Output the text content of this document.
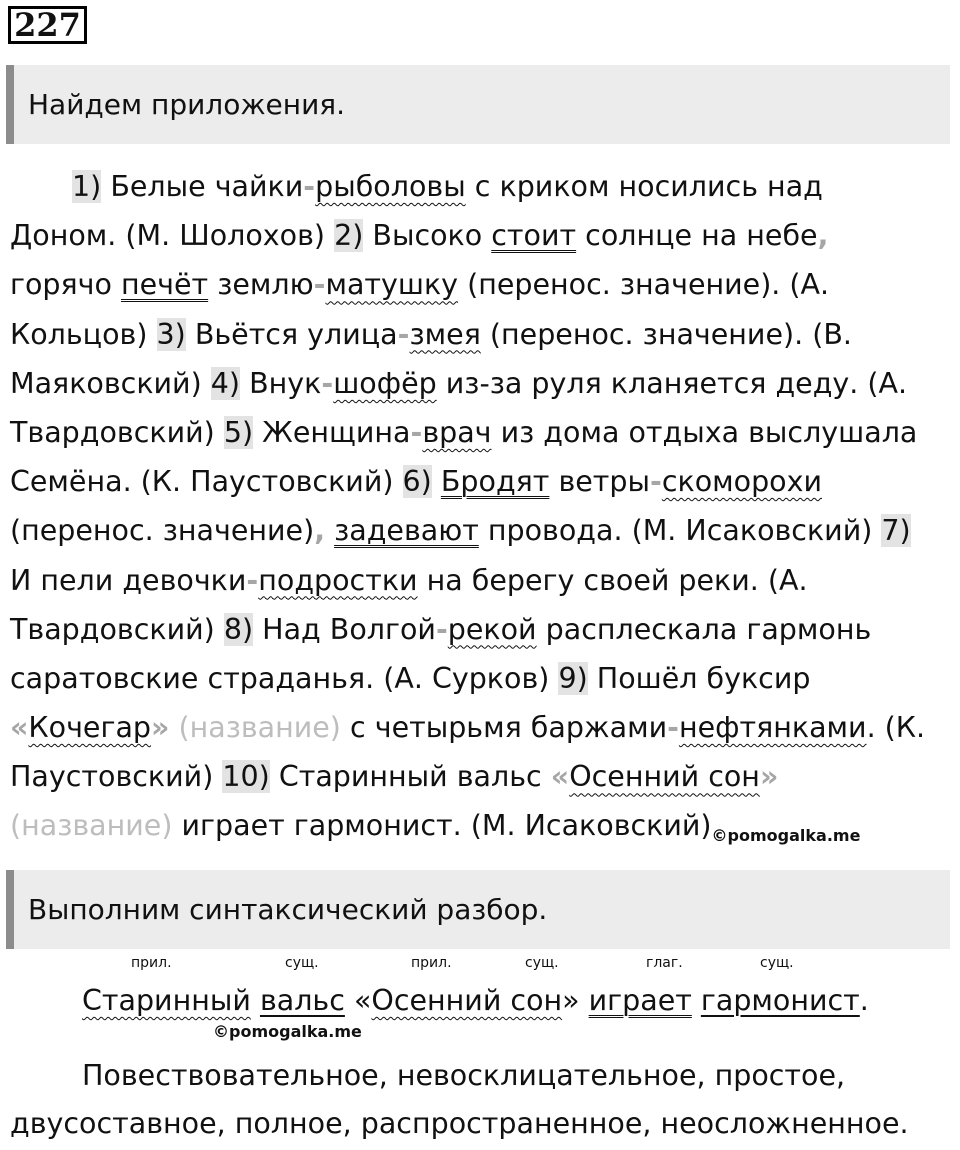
227
Найдем приложения.
1) Белые чайки-рыболовы с криком носились над
Доном. (М. Шолохов) 2) Высоко стоит солнце на небе,
горячо печёт землю-матушку (перенос. значение). (А.
Кольцов) 3) Вьётся улица-змея (перенос. значение). (В.
Маяковский) 4) Внук-шофёр из-за руля кланяется деду. (А.
Твардовский) 5) Женщина-врач из дома отдыха выслушала
Семёна. (К. Паустовский) 6) Бродят ветры-скоморохи
(перенос. значение), задевают провода. (М. Исаковский) 7)
И пели девочки-подростки на берегу своей реки. (А.
Твардовский) 8) Над Волгой-рекой расплескала гармонь
саратовские страданья. (А. Сурков) 9) Пошёл буксир
«Кочегар» (название) с четырьмя баржами-нефтянками. (К.
Паустовский) 10) Старинный вальс «Осенний сон»
(название) играет гармонист. (М. $Исаковский)_{©pomogalka.me}$
Выполним синтаксический разбор.
прил.	сущ.	прил.	сущ.	глаг.	сущ.
Старинный вальс «Осенний сон» играет гармонист.
©pomogalka.me
Повествовательное, невосклицательное, простое,
двусоставное, полное, распространенное, неосложненное.
